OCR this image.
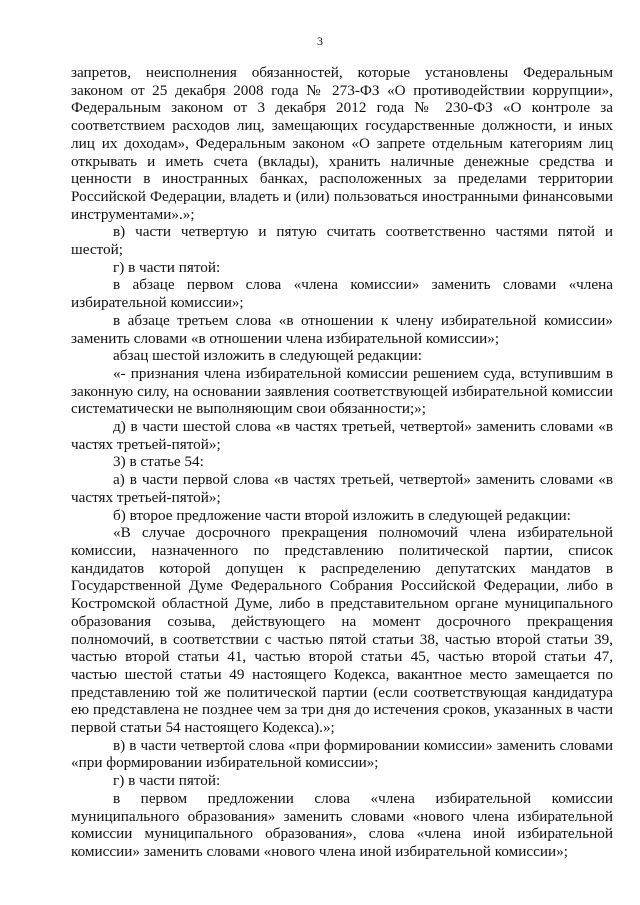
3

запретов, неисполнения обязанностей, которые установлены Федеральным законом от 25 декабря 2008 года № 273-ФЗ «О противодействии коррупции», Федеральным законом от 3 декабря 2012 года № 230-ФЗ «О контроле за соответствием расходов лиц, замещающих государственные должности, и иных лиц их доходам», Федеральным законом «О запрете отдельным категориям лиц открывать и иметь счета (вклады), хранить наличные денежные средства и ценности в иностранных банках, расположенных за пределами территории Российской Федерации, владеть и (или) пользоваться иностранными финансовыми инструментами».»;

в) части четвертую и пятую считать соответственно частями пятой и шестой;

г) в части пятой:

в абзаце первом слова «члена комиссии» заменить словами «члена избирательной комиссии»;

в абзаце третьем слова «в отношении к члену избирательной комиссии» заменить словами «в отношении члена избирательной комиссии»;

абзац шестой изложить в следующей редакции:

«- признания члена избирательной комиссии решением суда, вступившим в законную силу, на основании заявления соответствующей избирательной комиссии систематически не выполняющим свои обязанности;»;

д) в части шестой слова «в частях третьей, четвертой» заменить словами «в частях третьей-пятой»;

3) в статье 54:

а) в части первой слова «в частях третьей, четвертой» заменить словами «в частях третьей-пятой»;

б) второе предложение части второй изложить в следующей редакции:

«В случае досрочного прекращения полномочий члена избирательной комиссии, назначенного по представлению политической партии, список кандидатов которой допущен к распределению депутатских мандатов в Государственной Думе Федерального Собрания Российской Федерации, либо в Костромской областной Думе, либо в представительном органе муниципального образования созыва, действующего на момент досрочного прекращения полномочий, в соответствии с частью пятой статьи 38, частью второй статьи 39, частью второй статьи 41, частью второй статьи 45, частью второй статьи 47, частью шестой статьи 49 настоящего Кодекса, вакантное место замещается по представлению той же политической партии (если соответствующая кандидатура ею представлена не позднее чем за три дня до истечения сроков, указанных в части первой статьи 54 настоящего Кодекса).»;

в) в части четвертой слова «при формировании комиссии» заменить словами «при формировании избирательной комиссии»;

г) в части пятой:

в первом предложении слова «члена избирательной комиссии муниципального образования» заменить словами «нового члена избирательной комиссии муниципального образования», слова «члена иной избирательной комиссии» заменить словами «нового члена иной избирательной комиссии»;
